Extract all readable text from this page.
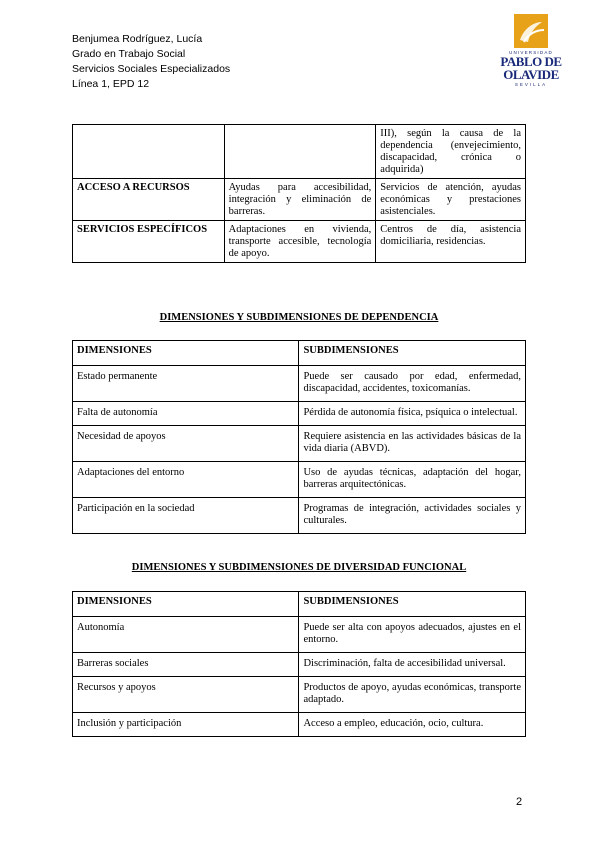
Benjumea Rodríguez, Lucía
Grado en Trabajo Social
Servicios Sociales Especializados
Línea 1, EPD 12
UNIVERSIDAD
PABLO DE
OLAVIDE
SEVILLA
		III), según la causa de la dependencia (envejecimiento, discapacidad, crónica o adquirida)
ACCESO A RECURSOS	Ayudas para accesibilidad, integración y eliminación de barreras.	Servicios de atención, ayudas económicas y prestaciones asistenciales.
SERVICIOS ESPECÍFICOS	Adaptaciones en vivienda, transporte accesible, tecnología de apoyo.	Centros de día, asistencia domiciliaria, residencias.
DIMENSIONES Y SUBDIMENSIONES DE DEPENDENCIA
DIMENSIONES	SUBDIMENSIONES
Estado permanente	Puede ser causado por edad, enfermedad, discapacidad, accidentes, toxicomanías.
Falta de autonomía	Pérdida de autonomía física, psíquica o intelectual.
Necesidad de apoyos	Requiere asistencia en las actividades básicas de la vida diaria (ABVD).
Adaptaciones del entorno	Uso de ayudas técnicas, adaptación del hogar, barreras arquitectónicas.
Participación en la sociedad	Programas de integración, actividades sociales y culturales.
DIMENSIONES Y SUBDIMENSIONES DE DIVERSIDAD FUNCIONAL
DIMENSIONES	SUBDIMENSIONES
Autonomía	Puede ser alta con apoyos adecuados, ajustes en el entorno.
Barreras sociales	Discriminación, falta de accesibilidad universal.
Recursos y apoyos	Productos de apoyo, ayudas económicas, transporte adaptado.
Inclusión y participación	Acceso a empleo, educación, ocio, cultura.
2
